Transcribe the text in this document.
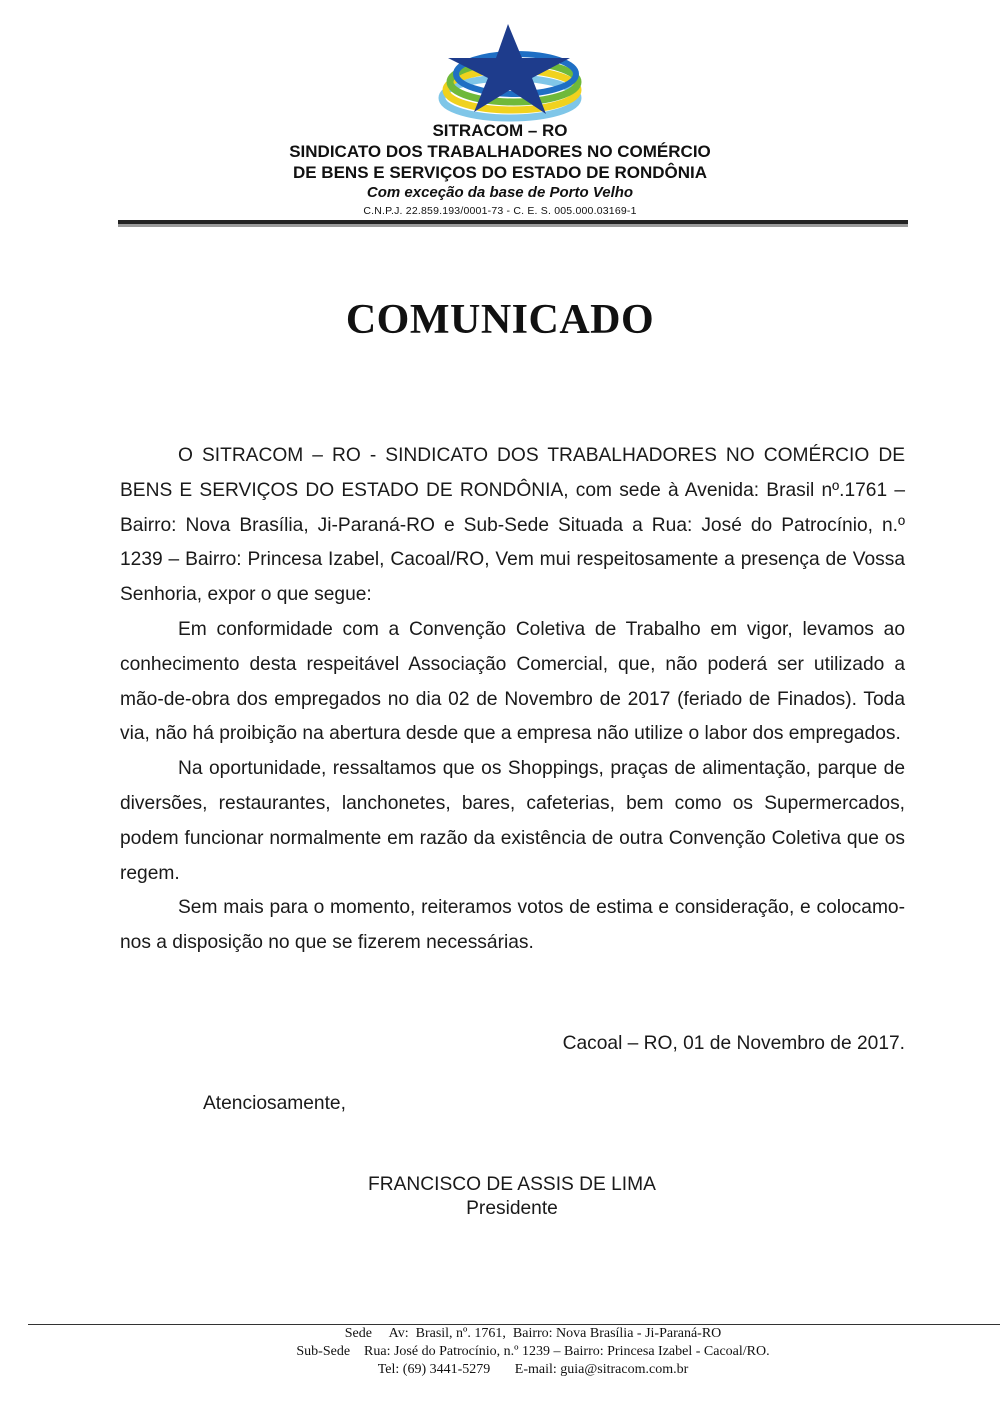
SITRACOM – RO
SINDICATO DOS TRABALHADORES NO COMÉRCIO
DE BENS E SERVIÇOS DO ESTADO DE RONDÔNIA
Com exceção da base de Porto Velho
C.N.P.J. 22.859.193/0001-73 - C. E. S. 005.000.03169-1
COMUNICADO

O SITRACOM – RO - SINDICATO DOS TRABALHADORES NO COMÉRCIO DE BENS E SERVIÇOS DO ESTADO DE RONDÔNIA, com sede à Avenida: Brasil nº.1761 – Bairro: Nova Brasília, Ji-Paraná-RO e Sub-Sede Situada a Rua: José do Patrocínio, n.º 1239 – Bairro: Princesa Izabel, Cacoal/RO, Vem mui respeitosamente a presença de Vossa Senhoria, expor o que segue:

Em conformidade com a Convenção Coletiva de Trabalho em vigor, levamos ao conhecimento desta respeitável Associação Comercial, que, não poderá ser utilizado a mão-de-obra dos empregados no dia 02 de Novembro de 2017 (feriado de Finados). Toda via, não há proibição na abertura desde que a empresa não utilize o labor dos empregados.

Na oportunidade, ressaltamos que os Shoppings, praças de alimentação, parque de diversões, restaurantes, lanchonetes, bares, cafeterias, bem como os Supermercados, podem funcionar normalmente em razão da existência de outra Convenção Coletiva que os regem.

Sem mais para o momento, reiteramos votos de estima e consideração, e colocamo-nos a disposição no que se fizerem necessárias.

Cacoal – RO, 01 de Novembro de 2017.
Atenciosamente,
FRANCISCO DE ASSIS DE LIMA
Presidente
Sede     Av:  Brasil, nº. 1761,  Bairro: Nova Brasília - Ji-Paraná-RO
Sub-Sede    Rua: José do Patrocínio, n.º 1239 – Bairro: Princesa Izabel - Cacoal/RO.
Tel: (69) 3441-5279       E-mail: guia@sitracom.com.br
